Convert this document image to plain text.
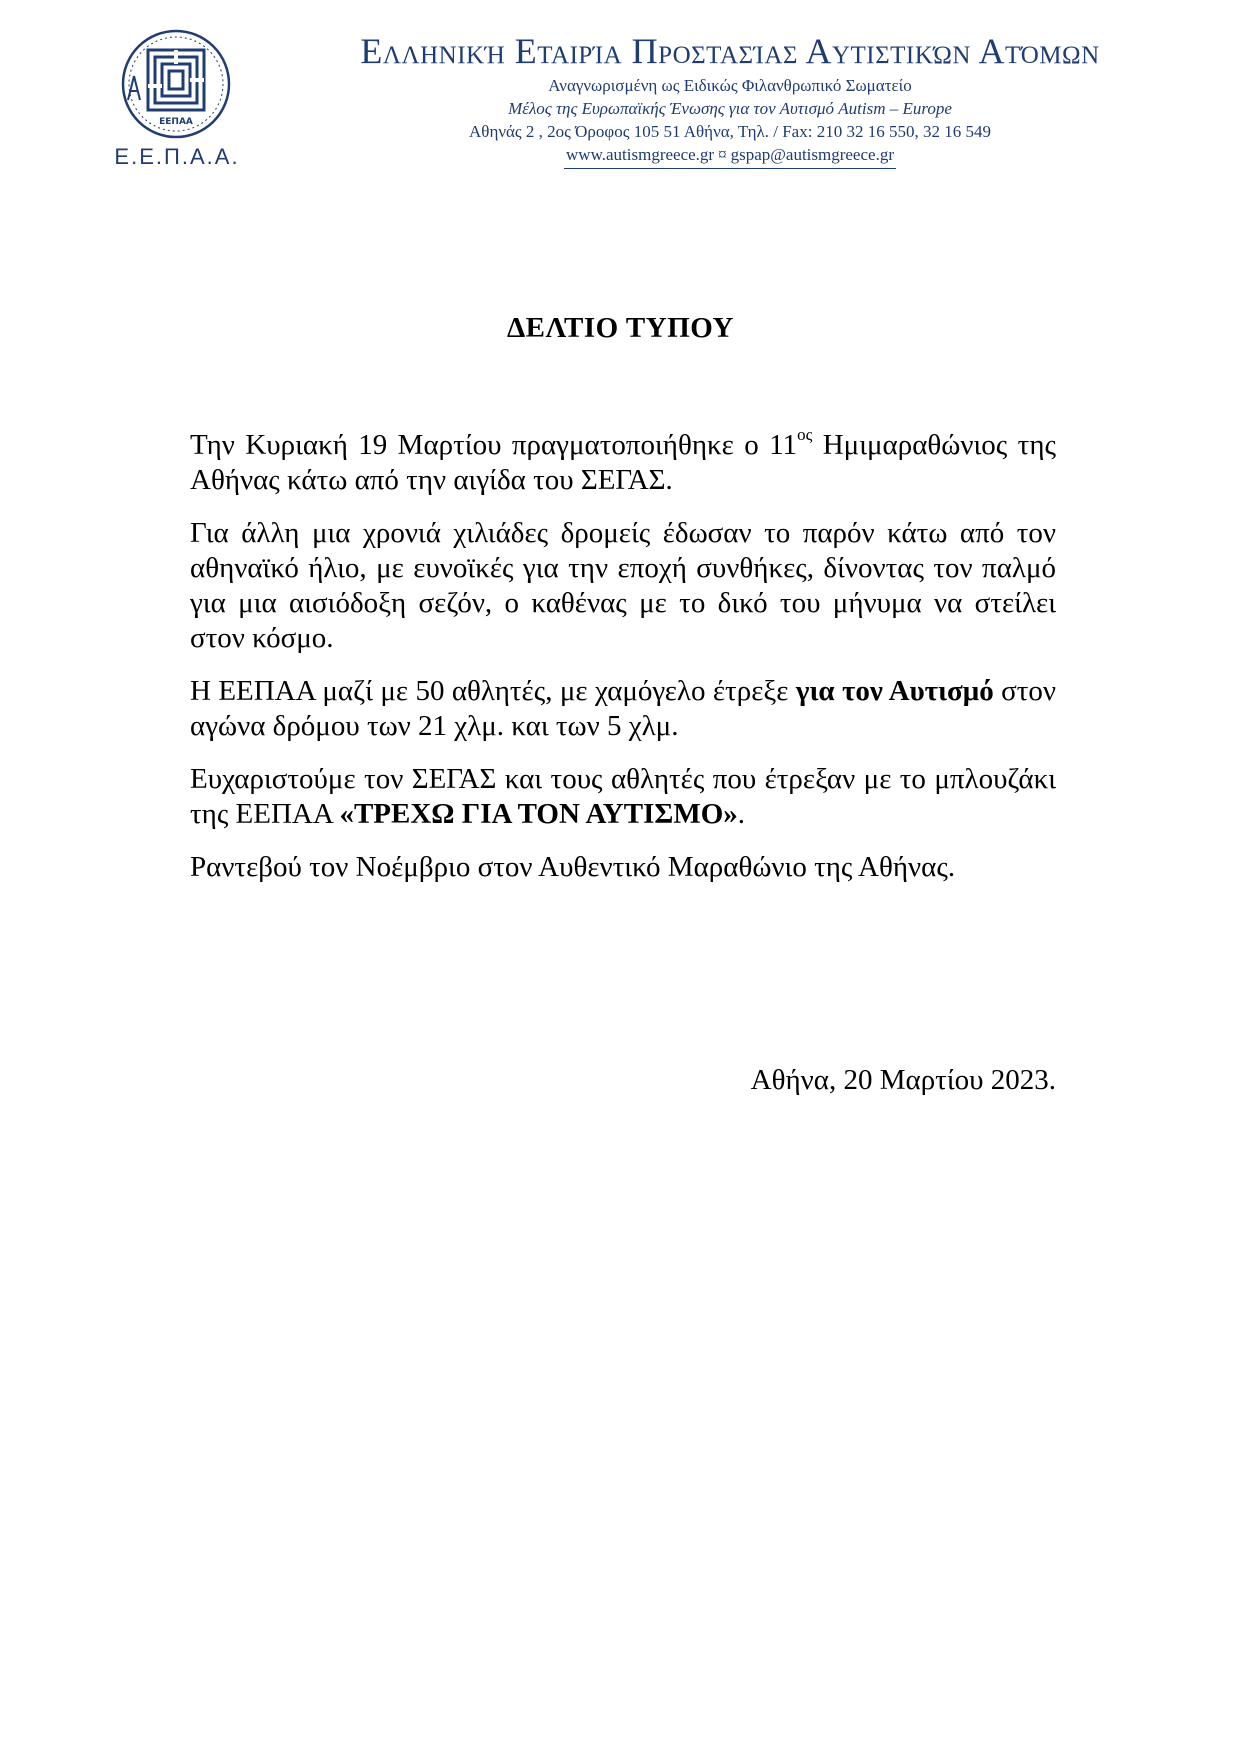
ΕΕΠΑΑ
Ε.Ε.Π.Α.Α.
Ελληνική Εταιρία Προστασίας Αυτιστικών Ατόμων
Αναγνωρισμένη ως Ειδικώς Φιλανθρωπικό Σωματείο
Μέλος της Ευρωπαϊκής Ένωσης για τον Αυτισμό Autism – Europe
Αθηνάς 2 , 2ος Όροφος 105 51 Αθήνα, Τηλ. / Fax: 210 32 16 550, 32 16 549
www.autismgreece.gr ¤ gspap@autismgreece.gr
ΔΕΛΤΙΟ ΤΥΠΟΥ

Την Κυριακή 19 Μαρτίου πραγματοποιήθηκε ο $11^{o\varsigma}$ Ημιμαραθώνιος της Αθήνας κάτω από την αιγίδα του ΣΕΓΑΣ.

Για άλλη μια χρονιά χιλιάδες δρομείς έδωσαν το παρόν κάτω από τον αθηναϊκό ήλιο, με ευνοϊκές για την εποχή συνθήκες, δίνοντας τον παλμό για μια αισιόδοξη σεζόν, ο καθένας με το δικό του μήνυμα να στείλει στον κόσμο.

Η ΕΕΠΑΑ μαζί με 50 αθλητές, με χαμόγελο έτρεξε για τον Αυτισμό στον αγώνα δρόμου των 21 χλμ. και των 5 χλμ.

Ευχαριστούμε τον ΣΕΓΑΣ και τους αθλητές που έτρεξαν με το μπλουζάκι της ΕΕΠΑΑ «ΤΡΕΧΩ ΓΙΑ ΤΟΝ ΑΥΤΙΣΜΟ».

Ραντεβού τον Νοέμβριο στον Αυθεντικό Μαραθώνιο της Αθήνας.

Αθήνα, 20 Μαρτίου 2023.
